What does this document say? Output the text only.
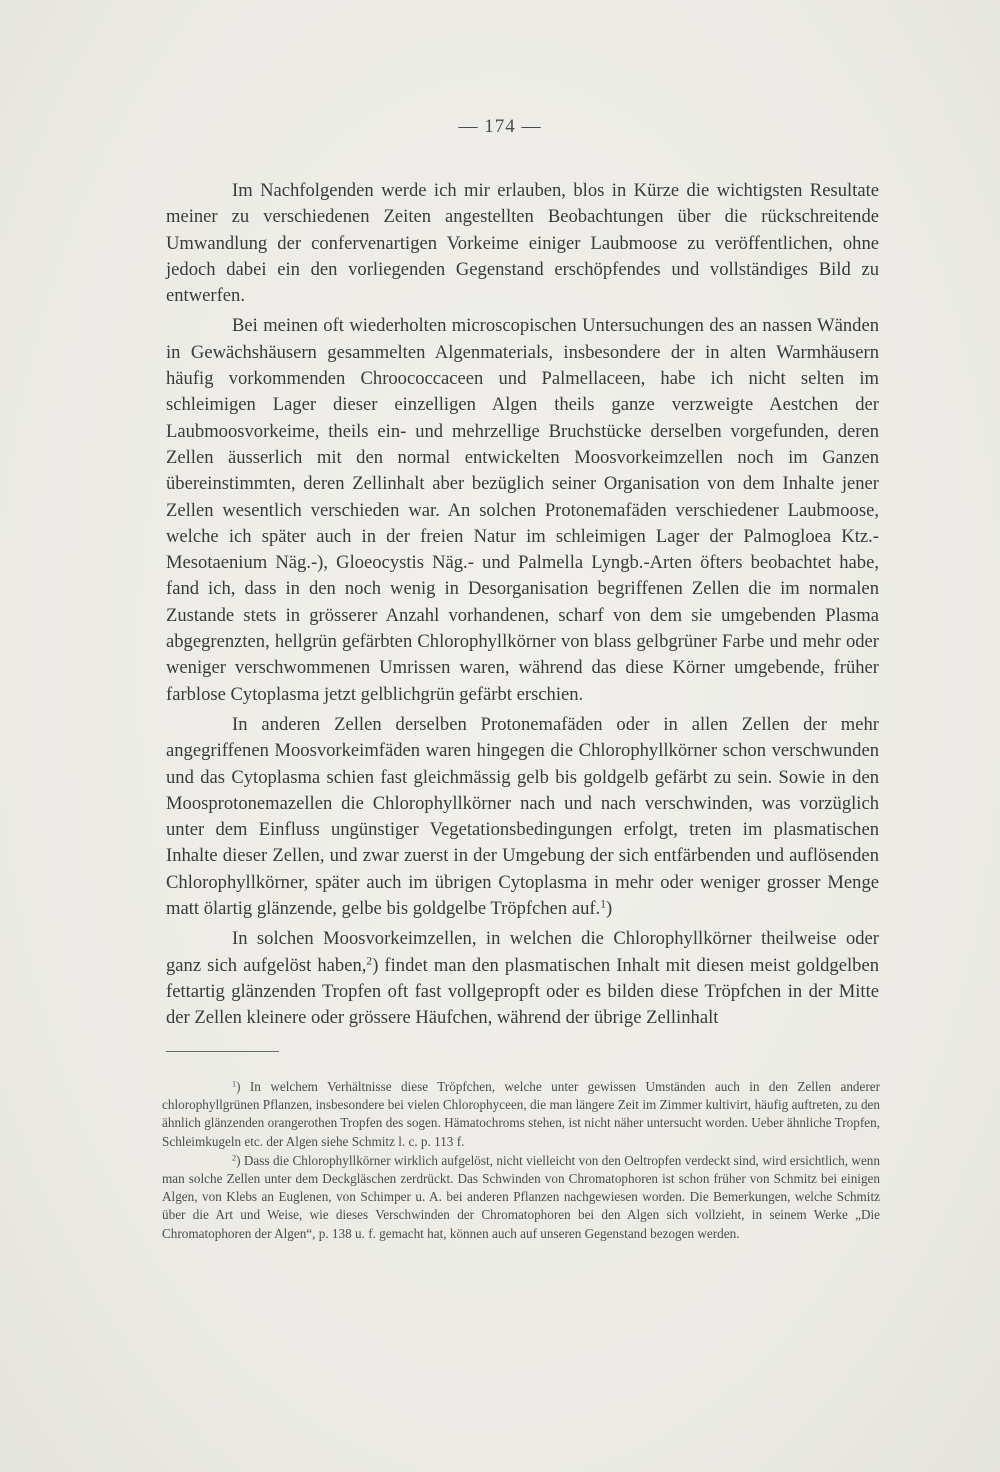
— 174 —

Im Nachfolgenden werde ich mir erlauben, blos in Kürze die wichtigsten Resultate meiner zu verschiedenen Zeiten angestellten Beobachtungen über die rückschreitende Umwandlung der confervenartigen Vorkeime einiger Laubmoose zu veröffentlichen, ohne jedoch dabei ein den vorliegenden Gegenstand erschöpfendes und vollständiges Bild zu entwerfen.

Bei meinen oft wiederholten microscopischen Untersuchungen des an nassen Wänden in Gewächshäusern gesammelten Algenmaterials, insbesondere der in alten Warmhäusern häufig vorkommenden Chroococcaceen und Palmellaceen, habe ich nicht selten im schleimigen Lager dieser einzelligen Algen theils ganze verzweigte Aestchen der Laubmoosvorkeime, theils ein- und mehrzellige Bruchstücke derselben vorgefunden, deren Zellen äusserlich mit den normal entwickelten Moosvorkeimzellen noch im Ganzen übereinstimmten, deren Zellinhalt aber bezüglich seiner Organisation von dem Inhalte jener Zellen wesentlich verschieden war. An solchen Protonemafäden verschiedener Laubmoose, welche ich später auch in der freien Natur im schleimigen Lager der Palmogloea Ktz.-Mesotaenium Näg.-), Gloeocystis Näg.- und Palmella Lyngb.-Arten öfters beobachtet habe, fand ich, dass in den noch wenig in Desorganisation begriffenen Zellen die im normalen Zustande stets in grösserer Anzahl vorhandenen, scharf von dem sie umgebenden Plasma abgegrenzten, hellgrün gefärbten Chlorophyllkörner von blass gelbgrüner Farbe und mehr oder weniger verschwommenen Umrissen waren, während das diese Körner umgebende, früher farblose Cytoplasma jetzt gelblichgrün gefärbt erschien.

In anderen Zellen derselben Protonemafäden oder in allen Zellen der mehr angegriffenen Moosvorkeimfäden waren hingegen die Chlorophyllkörner schon verschwunden und das Cytoplasma schien fast gleichmässig gelb bis goldgelb gefärbt zu sein. Sowie in den Moosprotonemazellen die Chlorophyllkörner nach und nach verschwinden, was vorzüglich unter dem Einfluss ungünstiger Vegetationsbedingungen erfolgt, treten im plasmatischen Inhalte dieser Zellen, und zwar zuerst in der Umgebung der sich entfärbenden und auflösenden Chlorophyllkörner, später auch im übrigen Cytoplasma in mehr oder weniger grosser Menge matt ölartig glänzende, gelbe bis goldgelbe Tröpfchen auf.$^1$)

In solchen Moosvorkeimzellen, in welchen die Chlorophyllkörner theilweise oder ganz sich aufgelöst haben,$^2$) findet man den plasmatischen Inhalt mit diesen meist goldgelben fettartig glänzenden Tropfen oft fast vollgepropft oder es bilden diese Tröpfchen in der Mitte der Zellen kleinere oder grössere Häufchen, während der übrige Zellinhalt

$^1$) In welchem Verhältnisse diese Tröpfchen, welche unter gewissen Umständen auch in den Zellen anderer chlorophyllgrünen Pflanzen, insbesondere bei vielen Chlorophyceen, die man längere Zeit im Zimmer kultivirt, häufig auftreten, zu den ähnlich glänzenden orangerothen Tropfen des sogen. Hämatochroms stehen, ist nicht näher untersucht worden. Ueber ähnliche Tropfen, Schleimkugeln etc. der Algen siehe Schmitz l. c. p. 113 f.

$^2$) Dass die Chlorophyllkörner wirklich aufgelöst, nicht vielleicht von den Oeltropfen verdeckt sind, wird ersichtlich, wenn man solche Zellen unter dem Deckgläschen zerdrückt. Das Schwinden von Chromatophoren ist schon früher von Schmitz bei einigen Algen, von Klebs an Euglenen, von Schimper u. A. bei anderen Pflanzen nachgewiesen worden. Die Bemerkungen, welche Schmitz über die Art und Weise, wie dieses Verschwinden der Chromatophoren bei den Algen sich vollzieht, in seinem Werke „Die Chromatophoren der Algen“, p. 138 u. f. gemacht hat, können auch auf unseren Gegenstand bezogen werden.
